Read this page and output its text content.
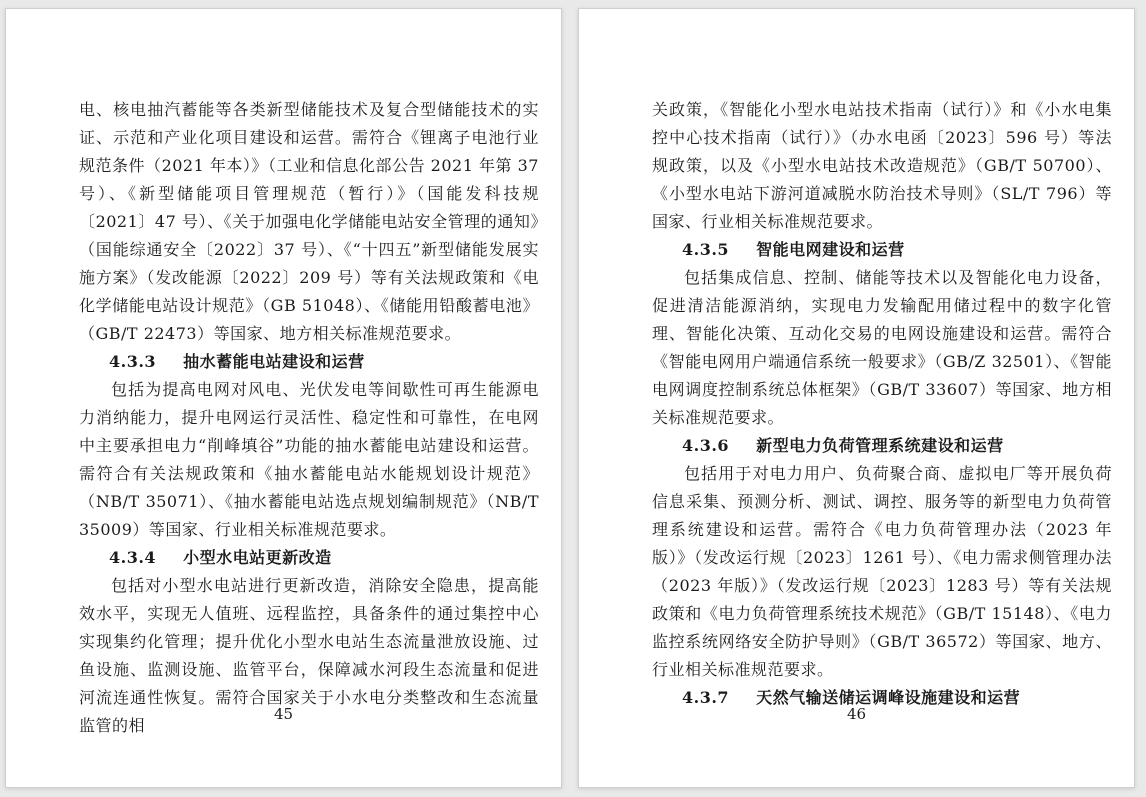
电、核电抽汽蓄能等各类新型储能技术及复合型储能技术的实证、示范和产业化项目建设和运营。需符合《锂离子电池行业规范条件（2021 年本）》（工业和信息化部公告 2021 年第 37 号）、《新型储能项目管理规范（暂行）》（国能发科技规〔2021〕47 号）、《关于加强电化学储能电站安全管理的通知》（国能综通安全〔2022〕37 号）、《“十四五”新型储能发展实施方案》（发改能源〔2022〕209 号）等有关法规政策和《电化学储能电站设计规范》（GB 51048）、《储能用铅酸蓄电池》（GB/T 22473）等国家、地方相关标准规范要求。

4.3.3 抽水蓄能电站建设和运营

包括为提高电网对风电、光伏发电等间歇性可再生能源电力消纳能力，提升电网运行灵活性、稳定性和可靠性，在电网中主要承担电力“削峰填谷”功能的抽水蓄能电站建设和运营。需符合有关法规政策和《抽水蓄能电站水能规划设计规范》（NB/T 35071）、《抽水蓄能电站选点规划编制规范》（NB/T 35009）等国家、行业相关标准规范要求。

4.3.4 小型水电站更新改造

包括对小型水电站进行更新改造，消除安全隐患，提高能效水平，实现无人值班、远程监控，具备条件的通过集控中心实现集约化管理；提升优化小型水电站生态流量泄放设施、过鱼设施、监测设施、监管平台，保障减水河段生态流量和促进河流连通性恢复。需符合国家关于小水电分类整改和生态流量监管的相

45

关政策，《智能化小型水电站技术指南（试行）》和《小水电集控中心技术指南（试行）》（办水电函〔2023〕596 号）等法规政策，以及《小型水电站技术改造规范》（GB/T 50700）、《小型水电站下游河道减脱水防治技术导则》（SL/T 796）等国家、行业相关标准规范要求。

4.3.5 智能电网建设和运营

包括集成信息、控制、储能等技术以及智能化电力设备，促进清洁能源消纳，实现电力发输配用储过程中的数字化管理、智能化决策、互动化交易的电网设施建设和运营。需符合《智能电网用户端通信系统一般要求》（GB/Z 32501）、《智能电网调度控制系统总体框架》（GB/T 33607）等国家、地方相关标准规范要求。

4.3.6 新型电力负荷管理系统建设和运营

包括用于对电力用户、负荷聚合商、虚拟电厂等开展负荷信息采集、预测分析、测试、调控、服务等的新型电力负荷管理系统建设和运营。需符合《电力负荷管理办法（2023 年版）》（发改运行规〔2023〕1261 号）、《电力需求侧管理办法（2023 年版）》（发改运行规〔2023〕1283 号）等有关法规政策和《电力负荷管理系统技术规范》（GB/T 15148）、《电力监控系统网络安全防护导则》（GB/T 36572）等国家、地方、行业相关标准规范要求。

4.3.7 天然气输送储运调峰设施建设和运营

46
